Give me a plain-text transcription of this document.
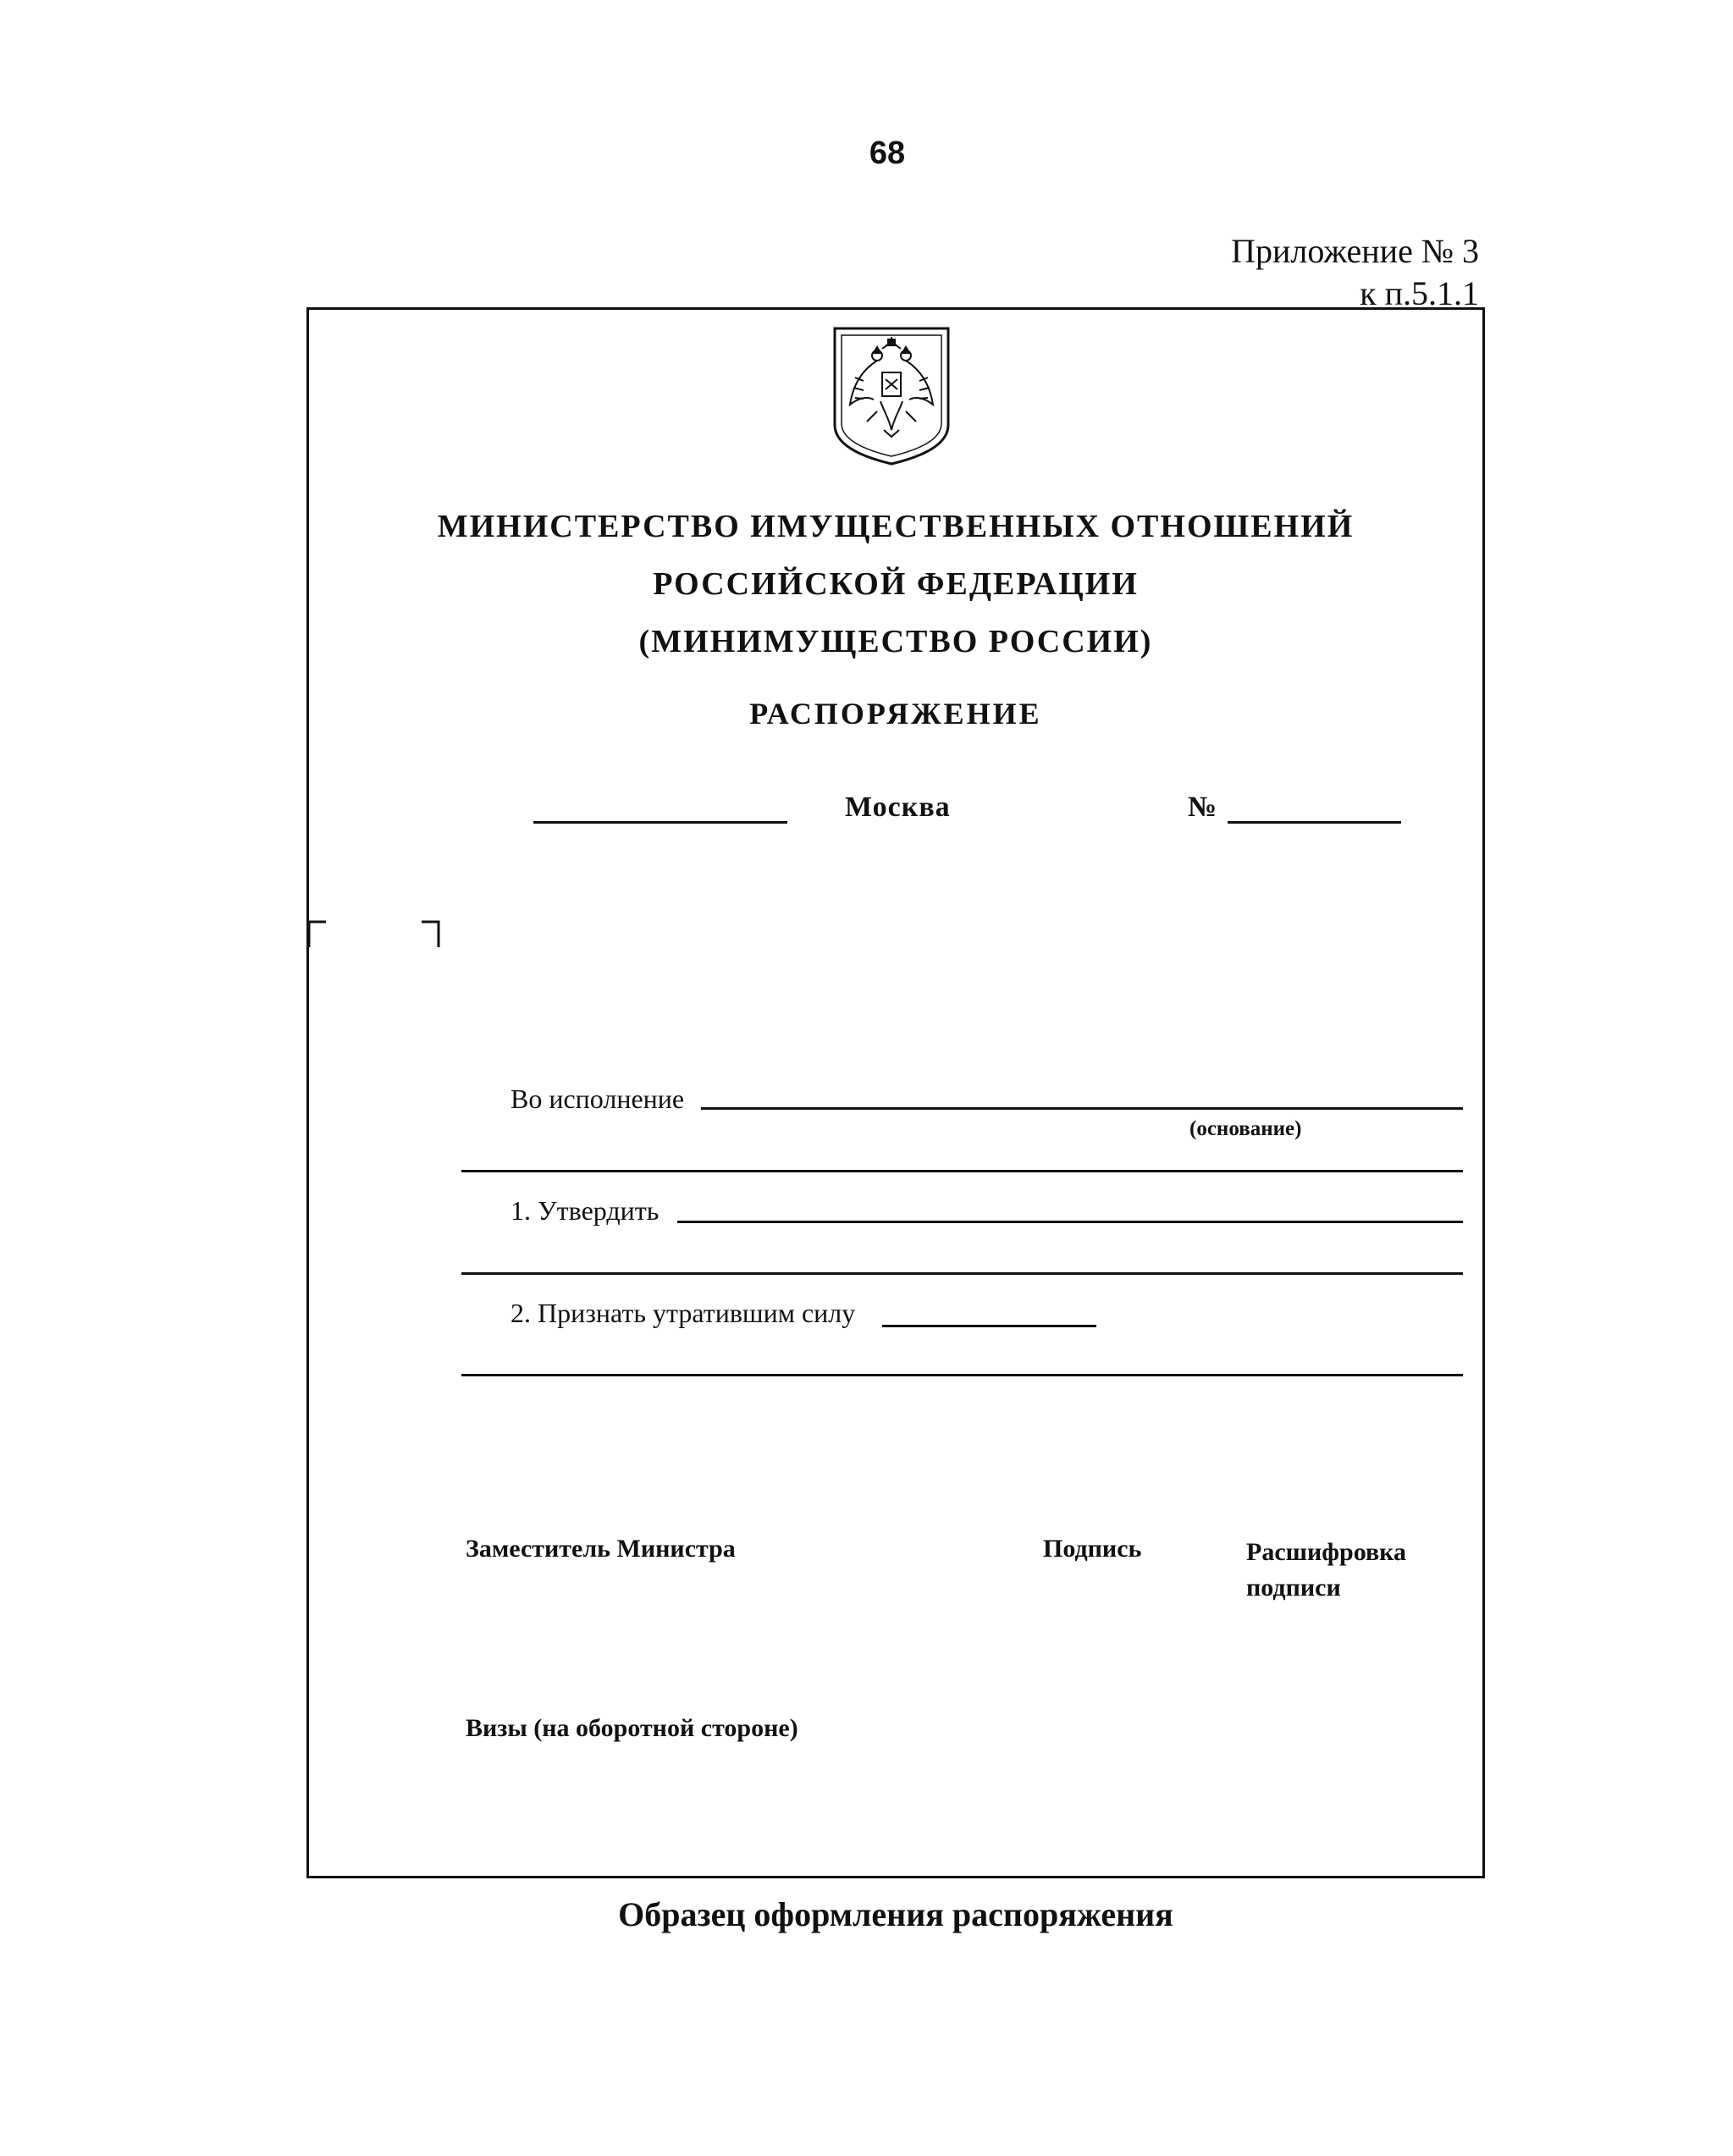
68
Приложение № 3
к п.5.1.1
МИНИСТЕРСТВО ИМУЩЕСТВЕННЫХ ОТНОШЕНИЙ
РОССИЙСКОЙ ФЕДЕРАЦИИ
(МИНИМУЩЕСТВО РОССИИ)
РАСПОРЯЖЕНИЕ
Москва	№
Во исполнение
(основание)
1. Утвердить
2. Признать утратившим силу
Заместитель Министра	Подпись	Расшифровка
подписи
Визы (на оборотной стороне)
Образец оформления распоряжения
